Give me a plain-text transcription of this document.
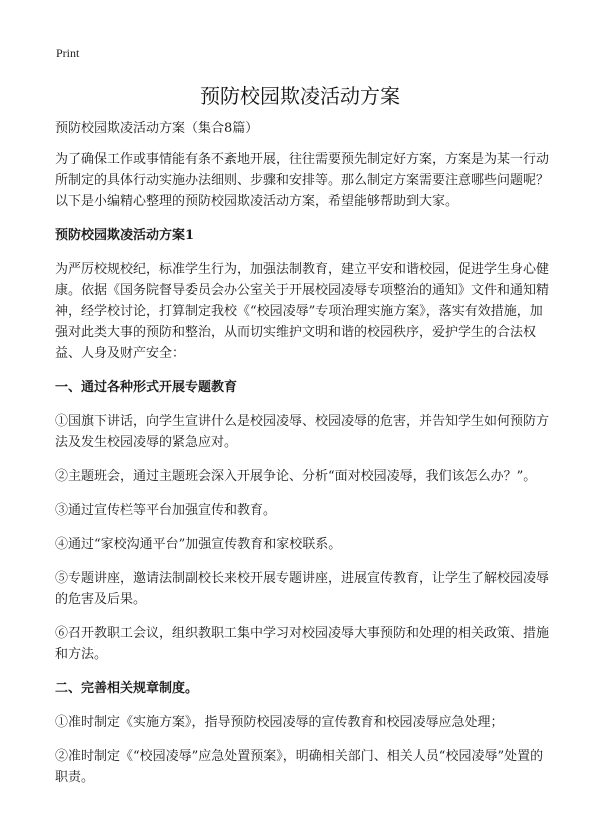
Print
预防校园欺凌活动方案

预防校园欺凌活动方案（集合8篇）

为了确保工作或事情能有条不紊地开展，往往需要预先制定好方案，方案是为某一行动所制定的具体行动实施办法细则、步骤和安排等。那么制定方案需要注意哪些问题呢？以下是小编精心整理的预防校园欺凌活动方案，希望能够帮助到大家。

预防校园欺凌活动方案1

为严厉校规校纪，标准学生行为，加强法制教育，建立平安和谐校园，促进学生身心健康。依据《国务院督导委员会办公室关于开展校园凌辱专项整治的通知》文件和通知精神，经学校讨论，打算制定我校《“校园凌辱”专项治理实施方案》，落实有效措施，加强对此类大事的预防和整治，从而切实维护文明和谐的校园秩序，爱护学生的合法权益、人身及财产安全：

一、通过各种形式开展专题教育

①国旗下讲话，向学生宣讲什么是校园凌辱、校园凌辱的危害，并告知学生如何预防方法及发生校园凌辱的紧急应对。

②主题班会，通过主题班会深入开展争论、分析“面对校园凌辱，我们该怎么办？”。

③通过宣传栏等平台加强宣传和教育。

④通过“家校沟通平台”加强宣传教育和家校联系。

⑤专题讲座，邀请法制副校长来校开展专题讲座，进展宣传教育，让学生了解校园凌辱的危害及后果。

⑥召开教职工会议，组织教职工集中学习对校园凌辱大事预防和处理的相关政策、措施和方法。

二、完善相关规章制度。

①准时制定《实施方案》，指导预防校园凌辱的宣传教育和校园凌辱应急处理；

②准时制定《“校园凌辱”应急处置预案》，明确相关部门、相关人员“校园凌辱”处置的职责。
